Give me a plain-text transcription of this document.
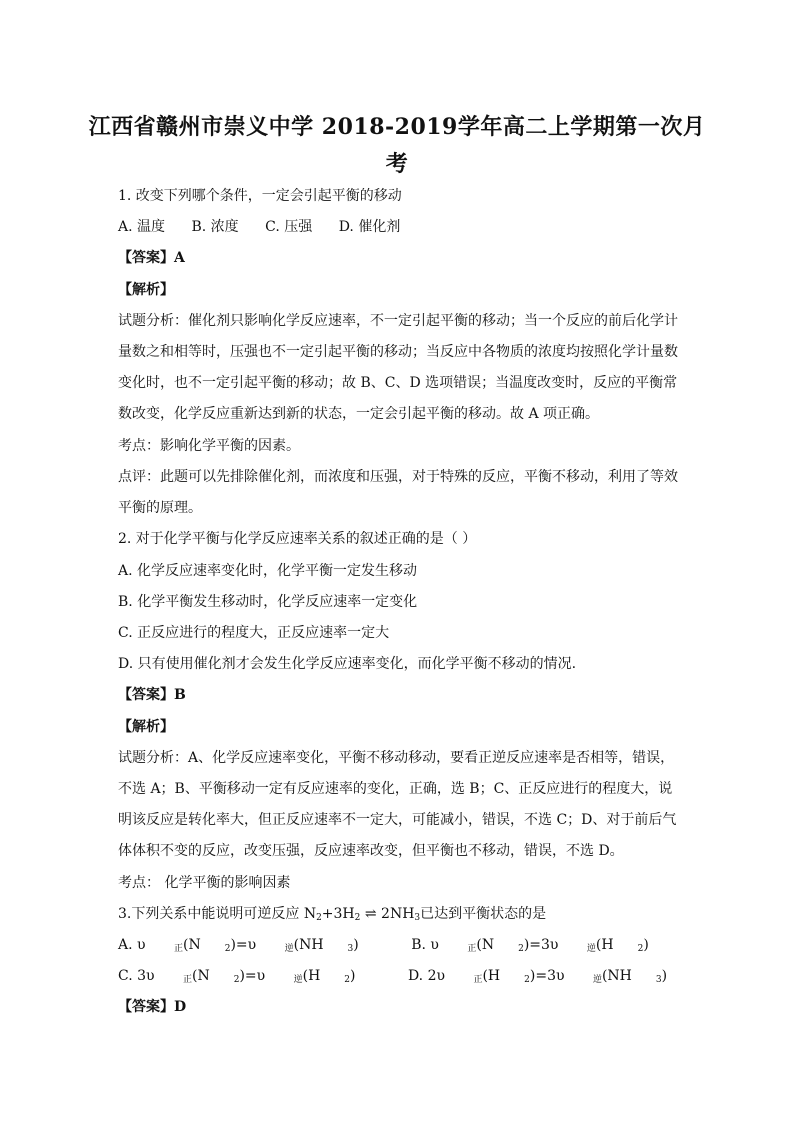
江西省赣州市崇义中学 2018-2019学年高二上学期第一次月
考
1. 改变下列哪个条件，一定会引起平衡的移动
A. 温度 B. 浓度 C. 压强 D. 催化剂
【答案】A
【解析】
试题分析：催化剂只影响化学反应速率，不一定引起平衡的移动；当一个反应的前后化学计
量数之和相等时，压强也不一定引起平衡的移动；当反应中各物质的浓度均按照化学计量数
变化时，也不一定引起平衡的移动；故 B、C、D 选项错误；当温度改变时，反应的平衡常
数改变，化学反应重新达到新的状态，一定会引起平衡的移动。故 A 项正确。
考点：影响化学平衡的因素。
点评：此题可以先排除催化剂，而浓度和压强，对于特殊的反应，平衡不移动，利用了等效
平衡的原理。
2. 对于化学平衡与化学反应速率关系的叙述正确的是（ ）
A. 化学反应速率变化时，化学平衡一定发生移动
B. 化学平衡发生移动时，化学反应速率一定变化
C. 正反应进行的程度大，正反应速率一定大
D. 只有使用催化剂才会发生化学反应速率变化，而化学平衡不移动的情况.
【答案】B
【解析】
试题分析：A、化学反应速率变化，平衡不移动移动，要看正逆反应速率是否相等，错误，
不选 A；B、平衡移动一定有反应速率的变化，正确，选 B；C、正反应进行的程度大，说
明该反应是转化率大，但正反应速率不一定大，可能减小，错误，不选 C；D、对于前后气
体体积不变的反应，改变压强，反应速率改变，但平衡也不移动，错误，不选 D。
考点： 化学平衡的影响因素
3.下列关系中能说明可逆反应 $N_2+3H_2$ ⇌ $2NH_3$已达到平衡状态的是
A. υ	$_正$(N	$_2$)=υ	$_逆$(NH	$_3$)	B. υ	$_正$(N	$_2$)=3υ	$_逆$(H	$_2$)
C. 3υ	$_正$(N	$_2$)=υ	$_逆$(H	$_2$)	D. 2υ	$_正$(H	$_2$)=3υ	$_逆$(NH	$_3$)
【答案】D
